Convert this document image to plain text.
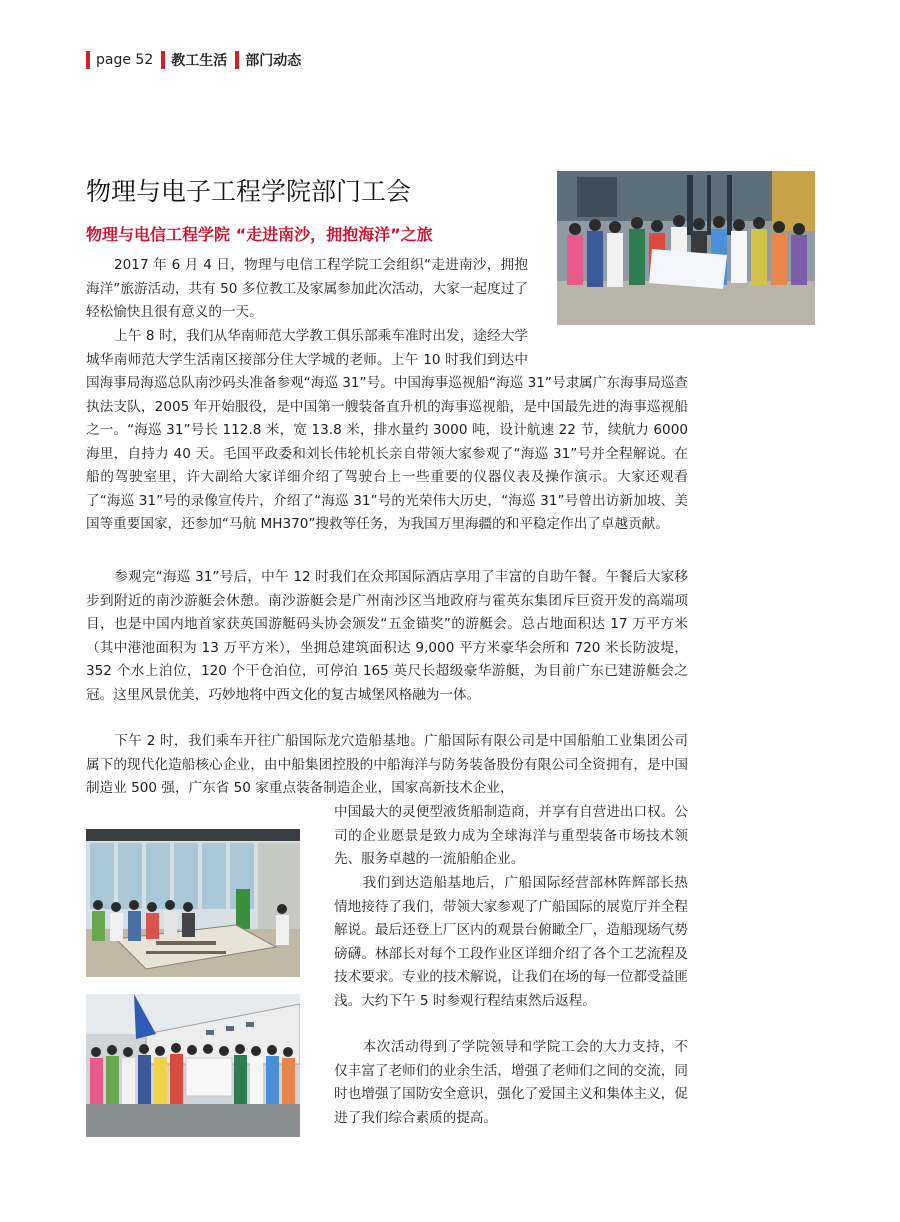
page 52 教工生活 部门动态
物理与电子工程学院部门工会
物理与电信工程学院 “走进南沙，拥抱海洋”之旅

2017 年 6 月 4 日，物理与电信工程学院工会组织“走进南沙，拥抱海洋”旅游活动，共有 50 多位教工及家属参加此次活动，大家一起度过了轻松愉快且很有意义的一天。

上午 8 时，我们从华南师范大学教工俱乐部乘车准时出发，途经大学城华南师范大学生活南区接部分住大学城的老师。上午 10 时我们到达中国海事局海巡总队南沙码头准备参观“海巡 31”号。中国海事巡视船“海巡 31”号隶属广东海事局巡查执法支队，2005 年开始服役，是中国第一艘装备直升机的海事巡视船，是中国最先进的海事巡视船之一。“海巡 31”号长 112.8 米，宽 13.8 米，排水量约 3000 吨，设计航速 22 节，续航力 6000 海里，自持力 40 天。毛国平政委和刘长伟轮机长亲自带领大家参观了“海巡 31”号并全程解说。在船的驾驶室里，许大副给大家详细介绍了驾驶台上一些重要的仪器仪表及操作演示。大家还观看了“海巡 31”号的录像宣传片，介绍了“海巡 31”号的光荣伟大历史，“海巡 31”号曾出访新加坡、美国等重要国家，还参加“马航 MH370”搜救等任务，为我国万里海疆的和平稳定作出了卓越贡献。

参观完“海巡 31”号后，中午 12 时我们在众邦国际酒店享用了丰富的自助午餐。午餐后大家移步到附近的南沙游艇会休憩。南沙游艇会是广州南沙区当地政府与霍英东集团斥巨资开发的高端项目，也是中国内地首家获英国游艇码头协会颁发“五金锚奖”的游艇会。总占地面积达 17 万平方米（其中港池面积为 13 万平方米），坐拥总建筑面积达 9,000 平方米豪华会所和 720 米长防波堤，352 个水上泊位，120 个干仓泊位，可停泊 165 英尺长超级豪华游艇，为目前广东已建游艇会之冠。这里风景优美，巧妙地将中西文化的复古城堡风格融为一体。

下午 2 时，我们乘车开往广船国际龙穴造船基地。广船国际有限公司是中国船舶工业集团公司属下的现代化造船核心企业，由中船集团控股的中船海洋与防务装备股份有限公司全资拥有，是中国制造业 500 强，广东省 50 家重点装备制造企业，国家高新技术企业，

中国最大的灵便型液货船制造商，并享有自营进出口权。公司的企业愿景是致力成为全球海洋与重型装备市场技术领先、服务卓越的一流船舶企业。

我们到达造船基地后，广船国际经营部林阵辉部长热情地接待了我们，带领大家参观了广船国际的展览厅并全程解说。最后还登上厂区内的观景台俯瞰全厂，造船现场气势磅礴。林部长对每个工段作业区详细介绍了各个工艺流程及技术要求。专业的技术解说，让我们在场的每一位都受益匪浅。大约下午 5 时参观行程结束然后返程。

本次活动得到了学院领导和学院工会的大力支持，不仅丰富了老师们的业余生活，增强了老师们之间的交流，同时也增强了国防安全意识，强化了爱国主义和集体主义，促进了我们综合素质的提高。
